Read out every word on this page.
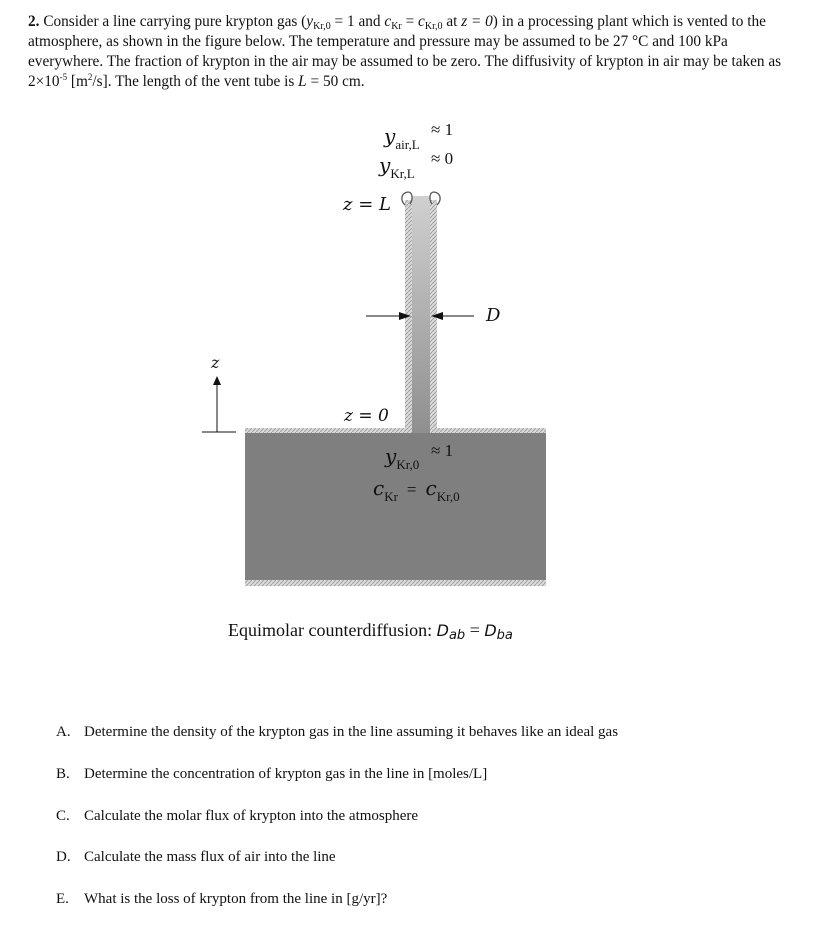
2. Consider a line carrying pure krypton gas ($y_{Kr,0} = 1$ and $c_{Kr} = c_{Kr,0}$ at z = 0) in a processing plant which is vented to the atmosphere, as shown in the figure below. The temperature and pressure may be assumed to be 27 °C and 100 kPa everywhere. The fraction of krypton in the air may be assumed to be zero. The diffusivity of krypton in air may be taken as $2\times 10^{-5}$ $[m^2/s]$. The length of the vent tube is L = 50 cm.
$y_{air,L}$
≈ 1
$y_{Kr,L}$
≈ 0
z = L
D
z
z = 0
$y_{Kr,0}$
≈ 1
$c_{Kr} = c_{Kr,0}$
Equimolar counterdiffusion: $D_{ab} = D_{ba}$
A. Determine the density of the krypton gas in the line assuming it behaves like an ideal gas
B. Determine the concentration of krypton gas in the line in [moles/L]
C. Calculate the molar flux of krypton into the atmosphere
D. Calculate the mass flux of air into the line
E.	What is the loss of krypton from the line in [g/yr]?
